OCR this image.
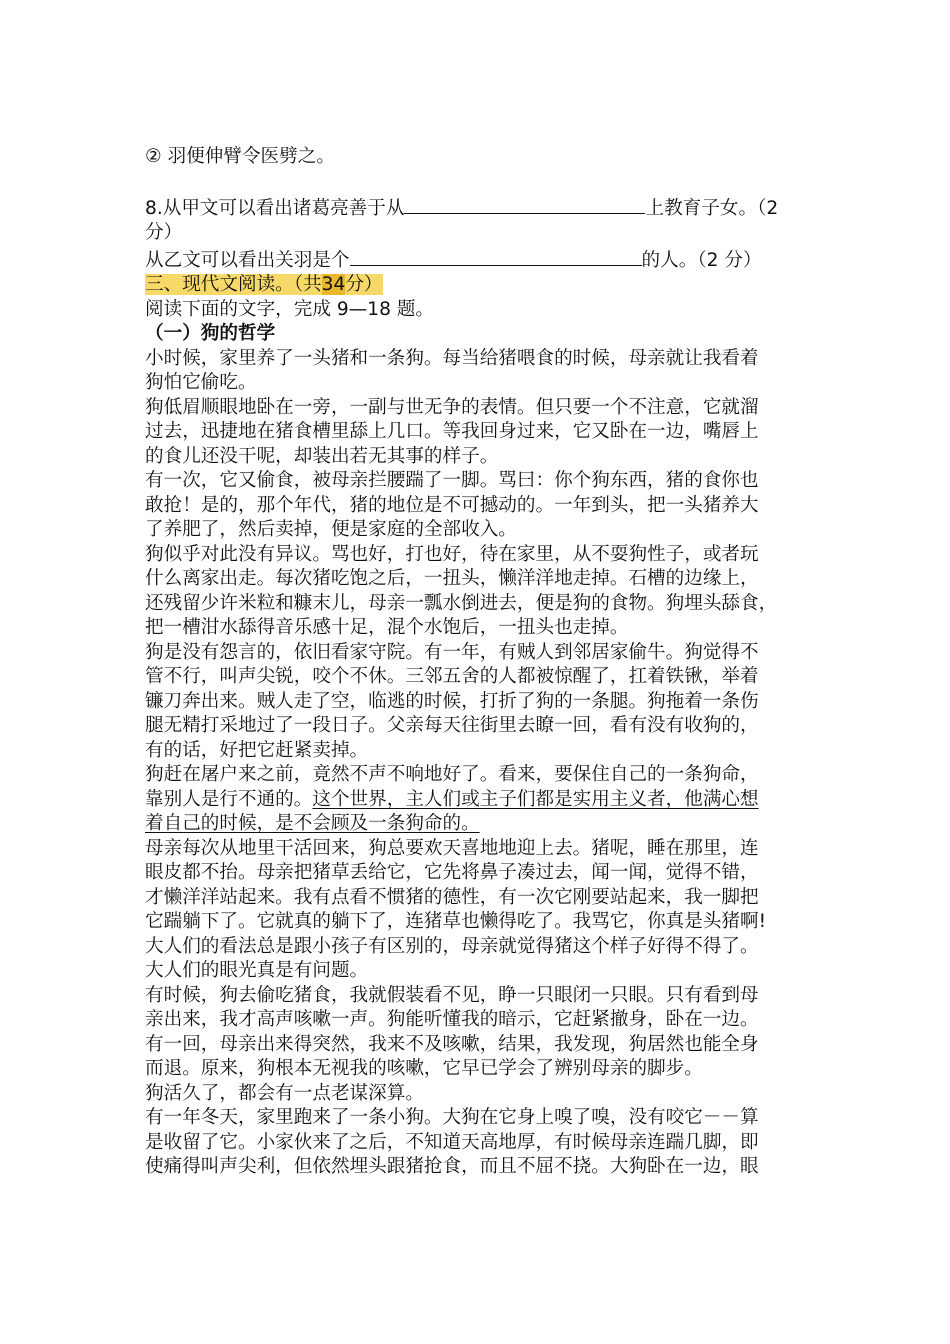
② 羽便伸臂令医劈之。
8.从甲文可以看出诸葛亮善于从	上教育子女。（2
分）
从乙文可以看出关羽是个	的人。（2 分）
三、现代文阅读。（共34分）
阅读下面的文字，完成 9—18 题。
（一）狗的哲学
小时候，家里养了一头猪和一条狗。每当给猪喂食的时候，母亲就让我看着
狗怕它偷吃。
狗低眉顺眼地卧在一旁，一副与世无争的表情。但只要一个不注意，它就溜
过去，迅捷地在猪食槽里舔上几口。等我回身过来，它又卧在一边，嘴唇上
的食儿还没干呢，却装出若无其事的样子。
有一次，它又偷食，被母亲拦腰踹了一脚。骂曰：你个狗东西，猪的食你也
敢抢！是的，那个年代，猪的地位是不可撼动的。一年到头，把一头猪养大
了养肥了，然后卖掉，便是家庭的全部收入。
狗似乎对此没有异议。骂也好，打也好，待在家里，从不耍狗性子，或者玩
什么离家出走。每次猪吃饱之后，一扭头，懒洋洋地走掉。石槽的边缘上，
还残留少许米粒和糠末儿，母亲一瓢水倒进去，便是狗的食物。狗埋头舔食，
把一槽泔水舔得音乐感十足，混个水饱后，一扭头也走掉。
狗是没有怨言的，依旧看家守院。有一年，有贼人到邻居家偷牛。狗觉得不
管不行，叫声尖锐，咬个不休。三邻五舍的人都被惊醒了，扛着铁锹，举着
镰刀奔出来。贼人走了空，临逃的时候，打折了狗的一条腿。狗拖着一条伤
腿无精打采地过了一段日子。父亲每天往街里去瞭一回，看有没有收狗的，
有的话，好把它赶紧卖掉。
狗赶在屠户来之前，竟然不声不响地好了。看来，要保住自己的一条狗命，
靠别人是行不通的。这个世界，主人们或主子们都是实用主义者，他满心想
着自己的时候，是不会顾及一条狗命的。
母亲每次从地里干活回来，狗总要欢天喜地地迎上去。猪呢，睡在那里，连
眼皮都不抬。母亲把猪草丢给它，它先将鼻子凑过去，闻一闻，觉得不错，
才懒洋洋站起来。我有点看不惯猪的德性，有一次它刚要站起来，我一脚把
它踹躺下了。它就真的躺下了，连猪草也懒得吃了。我骂它，你真是头猪啊!
大人们的看法总是跟小孩子有区别的，母亲就觉得猪这个样子好得不得了。
大人们的眼光真是有问题。
有时候，狗去偷吃猪食，我就假装看不见，睁一只眼闭一只眼。只有看到母
亲出来，我才高声咳嗽一声。狗能听懂我的暗示，它赶紧撤身，卧在一边。
有一回，母亲出来得突然，我来不及咳嗽，结果，我发现，狗居然也能全身
而退。原来，狗根本无视我的咳嗽，它早已学会了辨别母亲的脚步。
狗活久了，都会有一点老谋深算。
有一年冬天，家里跑来了一条小狗。大狗在它身上嗅了嗅，没有咬它－－算
是收留了它。小家伙来了之后，不知道天高地厚，有时候母亲连踹几脚，即
使痛得叫声尖利，但依然埋头跟猪抢食，而且不屈不挠。大狗卧在一边，眼
